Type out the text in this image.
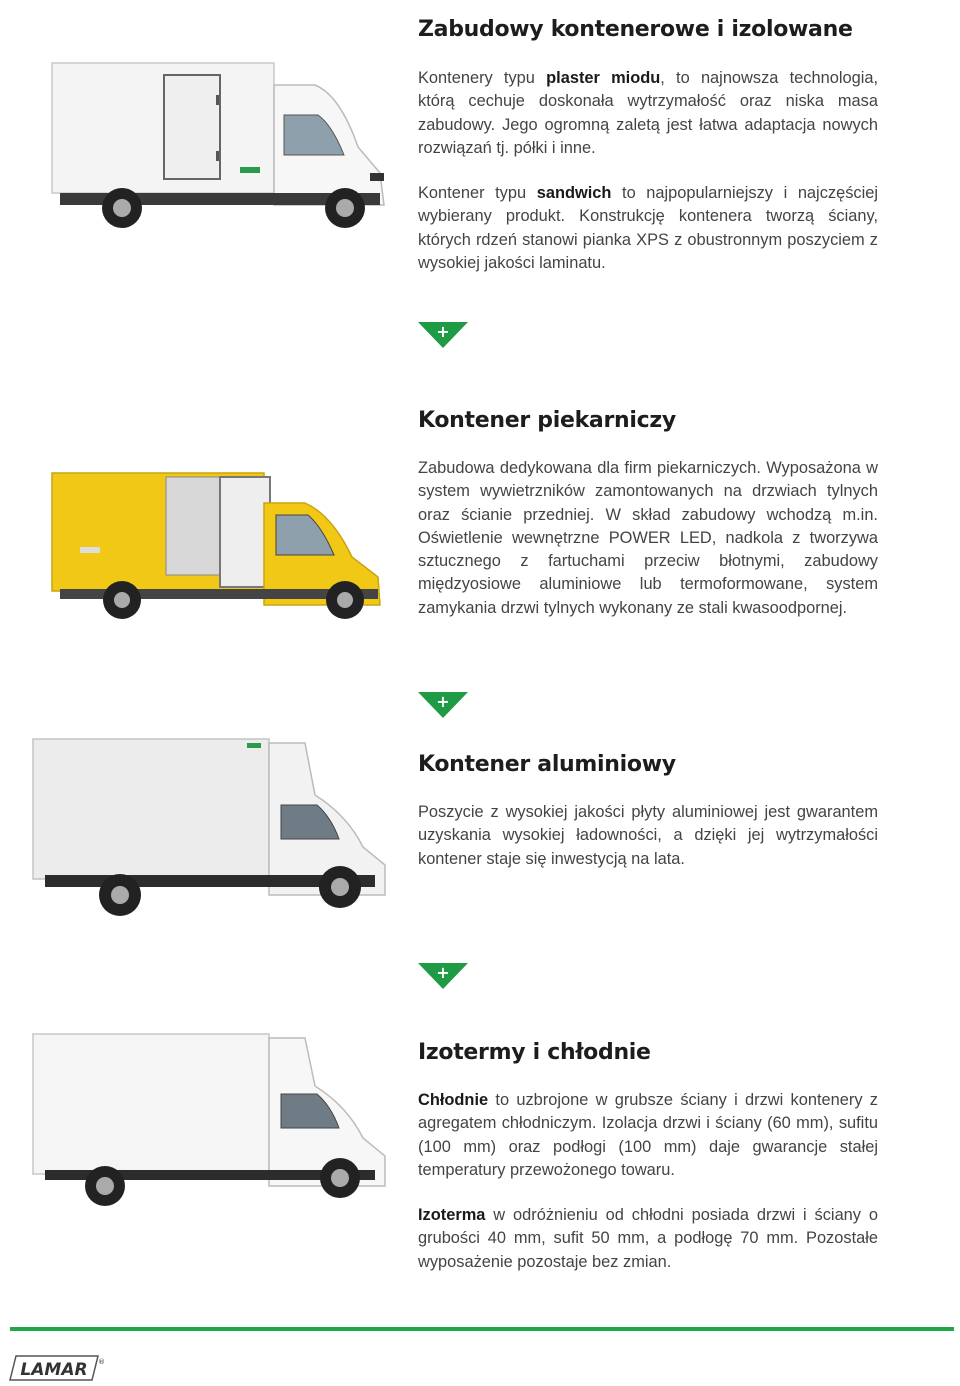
Zabudowy kontenerowe i izolowane

Kontenery typu plaster miodu, to najnowsza technologia, którą cechuje doskonała wytrzymałość oraz niska masa zabudowy. Jego ogromną zaletą jest łatwa adaptacja nowych rozwiązań tj. półki i inne.

Kontener typu sandwich to najpopularniejszy i najczęściej wybierany produkt. Konstrukcję kontenera tworzą ściany, których rdzeń stanowi pianka XPS z obustronnym poszyciem z wysokiej jakości laminatu.

+
Kontener piekarniczy

Zabudowa dedykowana dla firm piekarniczych. Wyposażona w system wywietrzników zamontowanych na drzwiach tylnych oraz ścianie przedniej. W skład zabudowy wchodzą m.in. Oświetlenie wewnętrzne POWER LED, nadkola z tworzywa sztucznego z fartuchami przeciw błotnymi, zabudowy międzyosiowe aluminiowe lub termoformowane, system zamykania drzwi tylnych wykonany ze stali kwasoodpornej.

+
Kontener aluminiowy

Poszycie z wysokiej jakości płyty aluminiowej jest gwarantem uzyskania wysokiej ładowności, a dzięki jej wytrzymałości kontener staje się inwestycją na lata.

+
Izotermy i chłodnie

Chłodnie to uzbrojone w grubsze ściany i drzwi kontenery z agregatem chłodniczym. Izolacja drzwi i ściany (60 mm), sufitu (100 mm) oraz podłogi (100 mm) daje gwarancje stałej temperatury przewożonego towaru.

Izoterma w odróżnieniu od chłodni posiada drzwi i ściany o grubości 40 mm, sufit 50 mm, a podłogę 70 mm. Pozostałe wyposażenie pozostaje bez zmian.

LAMAR ®
